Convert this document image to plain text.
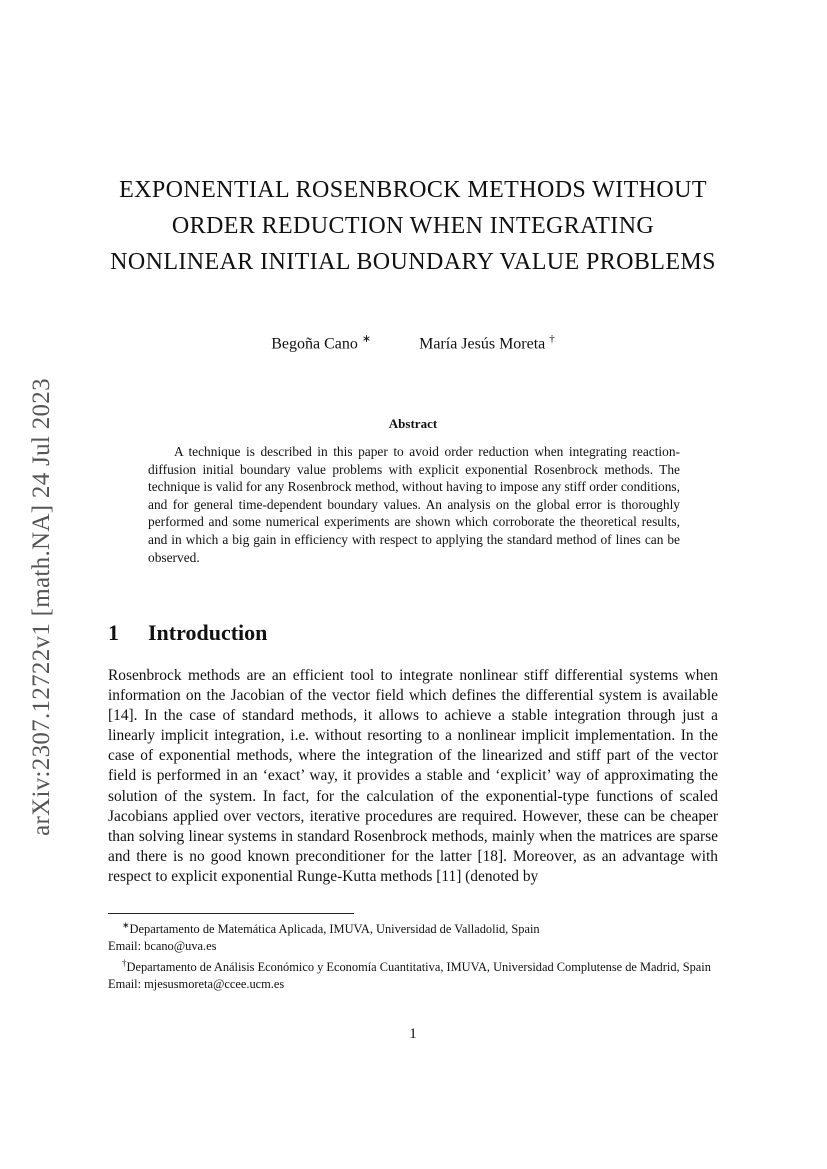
arXiv:2307.12722v1 [math.NA] 24 Jul 2023
EXPONENTIAL ROSENBROCK METHODS WITHOUT ORDER REDUCTION WHEN INTEGRATING NONLINEAR INITIAL BOUNDARY VALUE PROBLEMS
Begoña Cano ∗	María Jesús Moreta †
Abstract

A technique is described in this paper to avoid order reduction when integrating reaction-diffusion initial boundary value problems with explicit exponential Rosenbrock methods. The technique is valid for any Rosenbrock method, without having to impose any stiff order conditions, and for general time-dependent boundary values. An analysis on the global error is thoroughly performed and some numerical experiments are shown which corroborate the theoretical results, and in which a big gain in efficiency with respect to applying the standard method of lines can be observed.

1 Introduction

Rosenbrock methods are an efficient tool to integrate nonlinear stiff differential systems when information on the Jacobian of the vector field which defines the differential system is available [14]. In the case of standard methods, it allows to achieve a stable integration through just a linearly implicit integration, i.e. without resorting to a nonlinear implicit implementation. In the case of exponential methods, where the integration of the linearized and stiff part of the vector field is performed in an ‘exact’ way, it provides a stable and ‘explicit’ way of approximating the solution of the system. In fact, for the calculation of the exponential-type functions of scaled Jacobians applied over vectors, iterative procedures are required. However, these can be cheaper than solving linear systems in standard Rosenbrock methods, mainly when the matrices are sparse and there is no good known preconditioner for the latter [18]. Moreover, as an advantage with respect to explicit exponential Runge-Kutta methods [11] (denoted by

∗Departamento de Matemática Aplicada, IMUVA, Universidad de Valladolid, Spain

Email: bcano@uva.es

†Departamento de Análisis Económico y Economía Cuantitativa, IMUVA, Universidad Complutense de Madrid, Spain

Email: mjesusmoreta@ccee.ucm.es

1
